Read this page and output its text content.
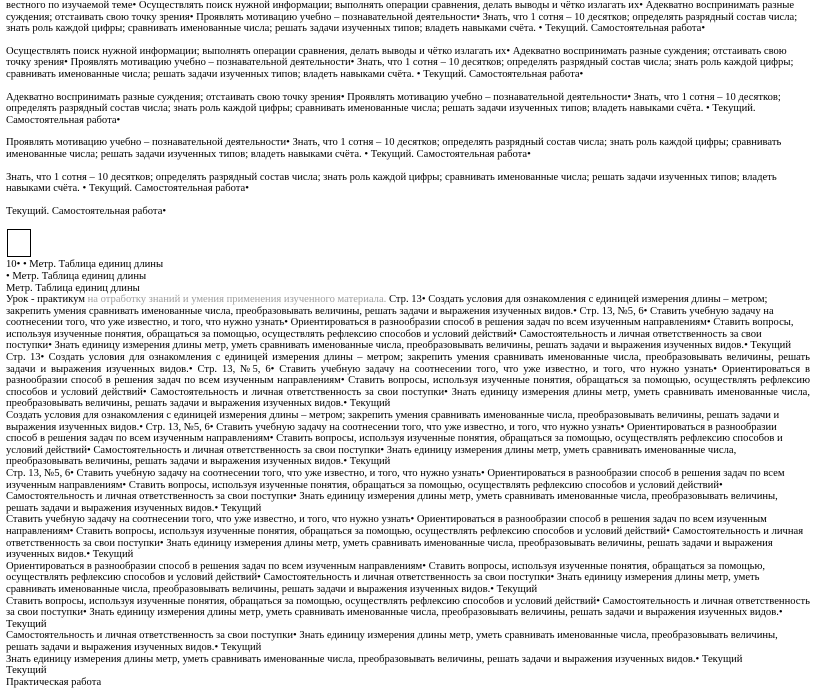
вестного по изучаемой теме• Осуществлять поиск нужной информации; выполнять операции сравнения, делать выводы и чётко излагать их• Адекватно воспринимать разные суждения; отстаивать свою точку зрения• Проявлять мотивацию учебно – познавательной деятельности• Знать, что 1 сотня – 10 десятков; определять разрядный состав числа; знать роль каждой цифры; сравнивать именованные числа; решать задачи изученных типов; владеть навыками счёта. • Текущий. Самостоятельная работа•

Осуществлять поиск нужной информации; выполнять операции сравнения, делать выводы и чётко излагать их• Адекватно воспринимать разные суждения; отстаивать свою точку зрения• Проявлять мотивацию учебно – познавательной деятельности• Знать, что 1 сотня – 10 десятков; определять разрядный состав числа; знать роль каждой цифры; сравнивать именованные числа; решать задачи изученных типов; владеть навыками счёта. • Текущий. Самостоятельная работа•

Адекватно воспринимать разные суждения; отстаивать свою точку зрения• Проявлять мотивацию учебно – познавательной деятельности• Знать, что 1 сотня – 10 десятков; определять разрядный состав числа; знать роль каждой цифры; сравнивать именованные числа; решать задачи изученных типов; владеть навыками счёта. • Текущий. Самостоятельная работа•

Проявлять мотивацию учебно – познавательной деятельности• Знать, что 1 сотня – 10 десятков; определять разрядный состав числа; знать роль каждой цифры; сравнивать именованные числа; решать задачи изученных типов; владеть навыками счёта. • Текущий. Самостоятельная работа•

Знать, что 1 сотня – 10 десятков; определять разрядный состав числа; знать роль каждой цифры; сравнивать именованные числа; решать задачи изученных типов; владеть навыками счёта. • Текущий. Самостоятельная работа•

Текущий. Самостоятельная работа•

10• • Метр. Таблица единиц длины

• Метр. Таблица единиц длины

Метр. Таблица единиц длины

Урок - практикум на отработку знаний и умения применения изученного материала. Стр. 13• Создать условия для ознакомления с единицей измерения длины – метром; закрепить умения сравнивать именованные числа, преобразовывать величины, решать задачи и выражения изученных видов.• Стр. 13, №5, 6• Ставить учебную задачу на соотнесении того, что уже известно, и того, что нужно узнать• Ориентироваться в разнообразии способ в решения задач по всем изученным направлениям• Ставить вопросы, используя изученные понятия, обращаться за помощью, осуществлять рефлексию способов и условий действий• Самостоятельность и личная ответственность за свои поступки• Знать единицу измерения длины метр, уметь сравнивать именованные числа, преобразовывать величины, решать задачи и выражения изученных видов.• Текущий

Стр. 13• Создать условия для ознакомления с единицей измерения длины – метром; закрепить умения сравнивать именованные числа, преобразовывать величины, решать задачи и выражения изученных видов.• Стр. 13, №5, 6• Ставить учебную задачу на соотнесении того, что уже известно, и того, что нужно узнать• Ориентироваться в разнообразии способ в решения задач по всем изученным направлениям• Ставить вопросы, используя изученные понятия, обращаться за помощью, осуществлять рефлексию способов и условий действий• Самостоятельность и личная ответственность за свои поступки• Знать единицу измерения длины метр, уметь сравнивать именованные числа, преобразовывать величины, решать задачи и выражения изученных видов.• Текущий

Создать условия для ознакомления с единицей измерения длины – метром; закрепить умения сравнивать именованные числа, преобразовывать величины, решать задачи и выражения изученных видов.• Стр. 13, №5, 6• Ставить учебную задачу на соотнесении того, что уже известно, и того, что нужно узнать• Ориентироваться в разнообразии способ в решения задач по всем изученным направлениям• Ставить вопросы, используя изученные понятия, обращаться за помощью, осуществлять рефлексию способов и условий действий• Самостоятельность и личная ответственность за свои поступки• Знать единицу измерения длины метр, уметь сравнивать именованные числа, преобразовывать величины, решать задачи и выражения изученных видов.• Текущий

Стр. 13, №5, 6• Ставить учебную задачу на соотнесении того, что уже известно, и того, что нужно узнать• Ориентироваться в разнообразии способ в решения задач по всем изученным направлениям• Ставить вопросы, используя изученные понятия, обращаться за помощью, осуществлять рефлексию способов и условий действий• Самостоятельность и личная ответственность за свои поступки• Знать единицу измерения длины метр, уметь сравнивать именованные числа, преобразовывать величины, решать задачи и выражения изученных видов.• Текущий

Ставить учебную задачу на соотнесении того, что уже известно, и того, что нужно узнать• Ориентироваться в разнообразии способ в решения задач по всем изученным направлениям• Ставить вопросы, используя изученные понятия, обращаться за помощью, осуществлять рефлексию способов и условий действий• Самостоятельность и личная ответственность за свои поступки• Знать единицу измерения длины метр, уметь сравнивать именованные числа, преобразовывать величины, решать задачи и выражения изученных видов.• Текущий

Ориентироваться в разнообразии способ в решения задач по всем изученным направлениям• Ставить вопросы, используя изученные понятия, обращаться за помощью, осуществлять рефлексию способов и условий действий• Самостоятельность и личная ответственность за свои поступки• Знать единицу измерения длины метр, уметь сравнивать именованные числа, преобразовывать величины, решать задачи и выражения изученных видов.• Текущий

Ставить вопросы, используя изученные понятия, обращаться за помощью, осуществлять рефлексию способов и условий действий• Самостоятельность и личная ответственность за свои поступки• Знать единицу измерения длины метр, уметь сравнивать именованные числа, преобразовывать величины, решать задачи и выражения изученных видов.• Текущий

Самостоятельность и личная ответственность за свои поступки• Знать единицу измерения длины метр, уметь сравнивать именованные числа, преобразовывать величины, решать задачи и выражения изученных видов.• Текущий

Знать единицу измерения длины метр, уметь сравнивать именованные числа, преобразовывать величины, решать задачи и выражения изученных видов.• Текущий

Текущий

Практическая работа
